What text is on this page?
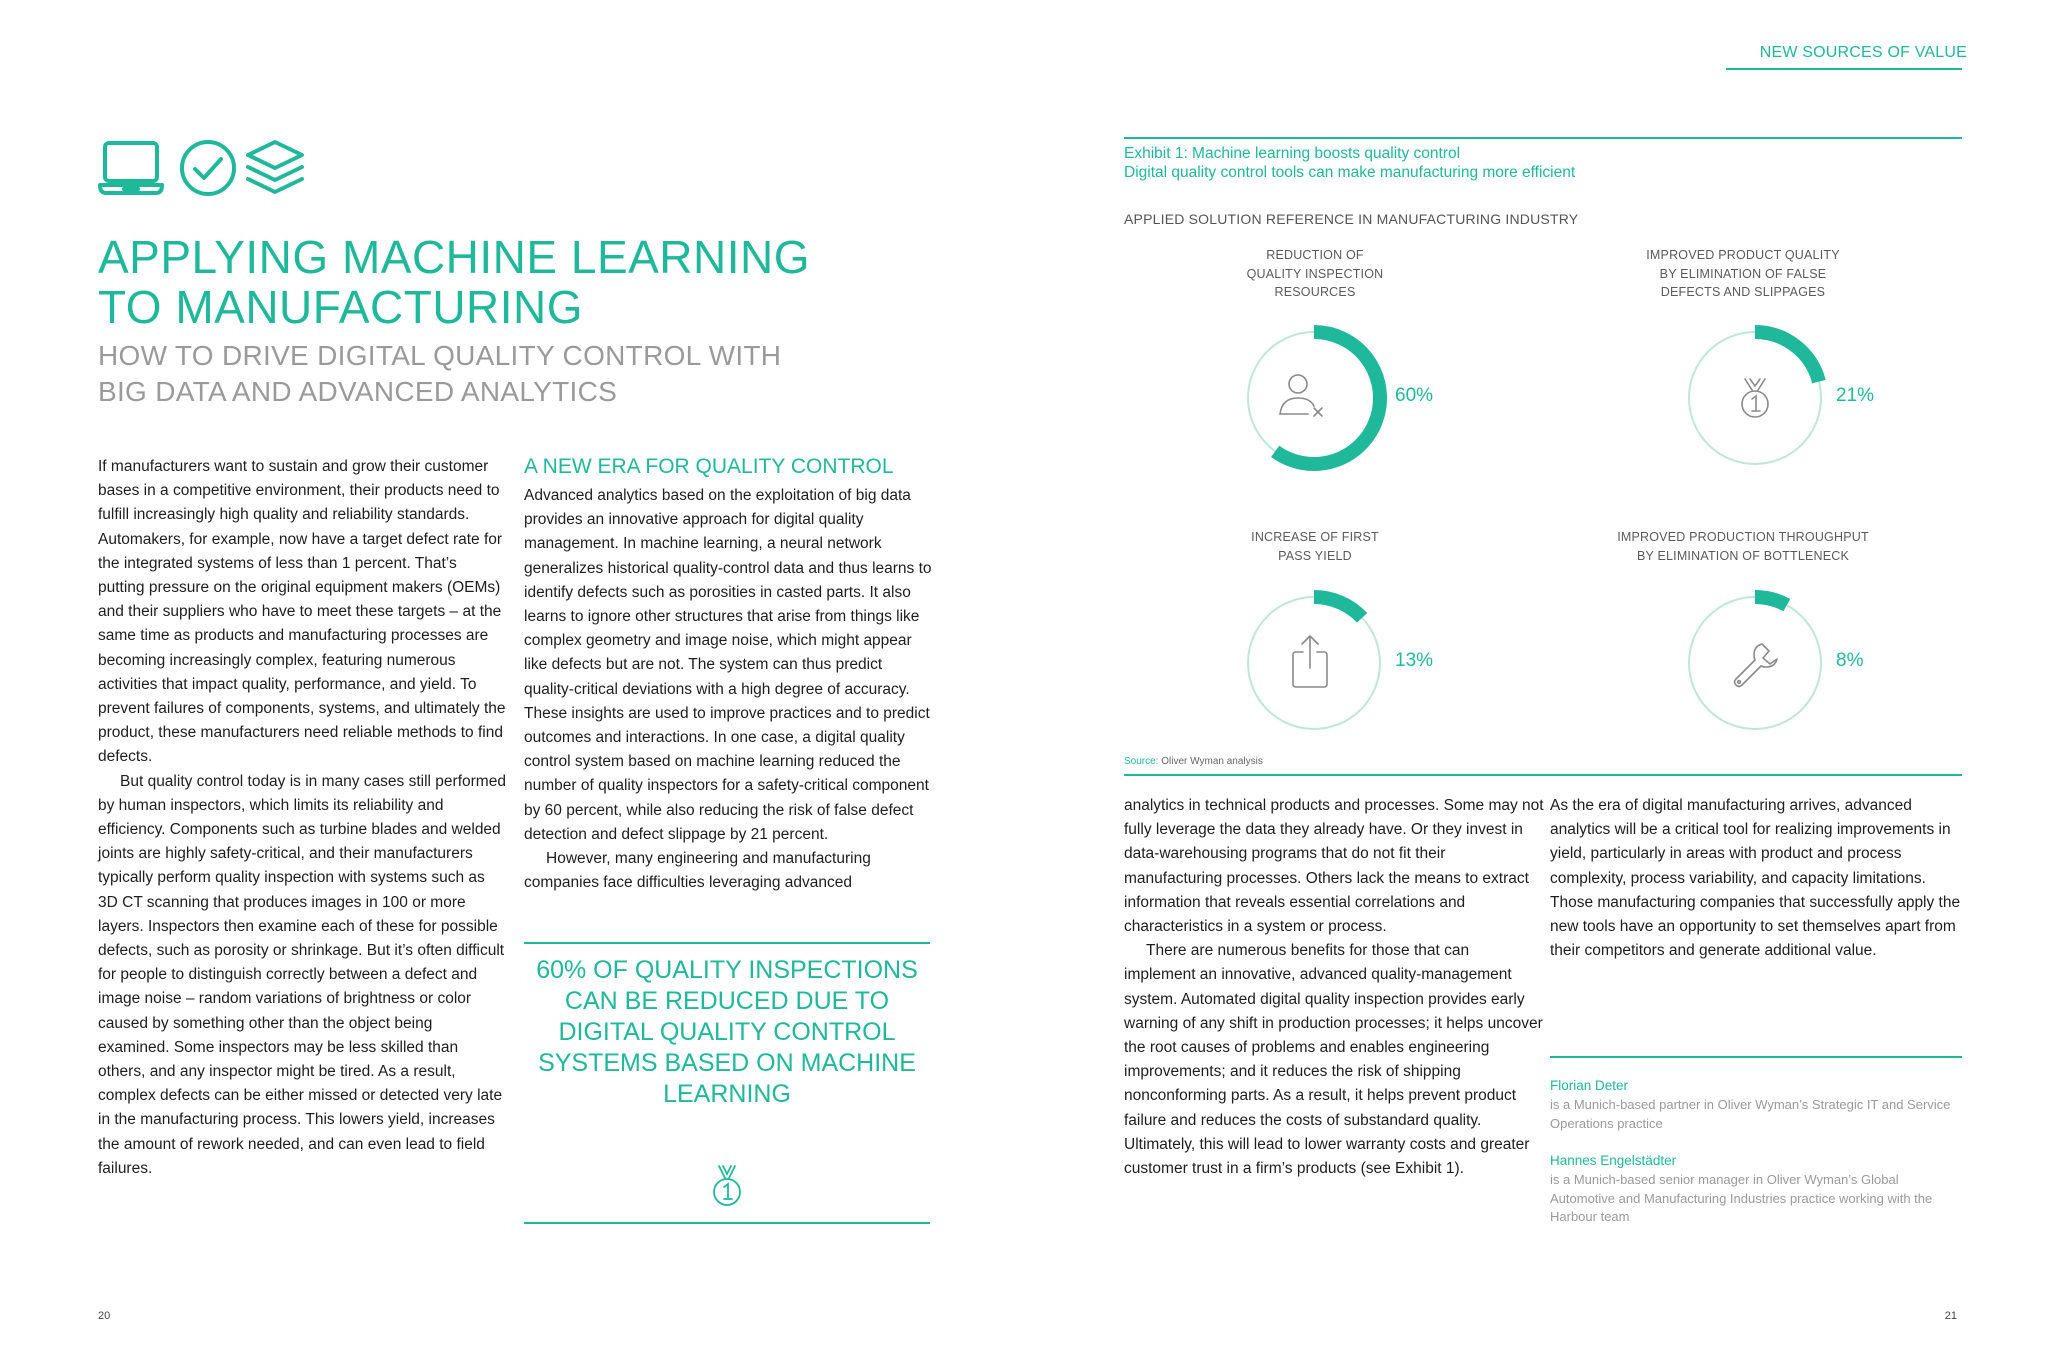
NEW SOURCES OF VALUE
APPLYING MACHINE LEARNING
TO MANUFACTURING
HOW TO DRIVE DIGITAL QUALITY CONTROL WITH
BIG DATA AND ADVANCED ANALYTICS

If manufacturers want to sustain and grow their customer bases in a competitive environment, their products need to fulfill increasingly high quality and reliability standards. Automakers, for example, now have a target defect rate for the integrated systems of less than 1 percent. That’s putting pressure on the original equipment makers (OEMs) and their suppliers who have to meet these targets – at the same time as products and manufacturing processes are becoming increasingly complex, featuring numerous activities that impact quality, performance, and yield. To prevent failures of components, systems, and ultimately the product, these manufacturers need reliable methods to find defects.

But quality control today is in many cases still performed by human inspectors, which limits its reliability and efficiency. Components such as turbine blades and welded joints are highly safety-critical, and their manufacturers typically perform quality inspection with systems such as 3D CT scanning that produces images in 100 or more layers. Inspectors then examine each of these for possible defects, such as porosity or shrinkage. But it’s often difficult for people to distinguish correctly between a defect and image noise – random variations of brightness or color caused by something other than the object being examined. Some inspectors may be less skilled than others, and any inspector might be tired. As a result, complex defects can be either missed or detected very late in the manufacturing process. This lowers yield, increases the amount of rework needed, and can even lead to field failures.

A NEW ERA FOR QUALITY CONTROL

Advanced analytics based on the exploitation of big data provides an innovative approach for digital quality management. In machine learning, a neural network generalizes historical quality-control data and thus learns to identify defects such as porosities in casted parts. It also learns to ignore other structures that arise from things like complex geometry and image noise, which might appear like defects but are not. The system can thus predict quality-critical deviations with a high degree of accuracy. These insights are used to improve practices and to predict outcomes and interactions. In one case, a digital quality control system based on machine learning reduced the number of quality inspectors for a safety-critical component by 60 percent, while also reducing the risk of false defect detection and defect slippage by 21 percent.

However, many engineering and manufacturing companies face difficulties leveraging advanced

60% OF QUALITY INSPECTIONS CAN BE REDUCED DUE TO DIGITAL QUALITY CONTROL SYSTEMS BASED ON MACHINE LEARNING
Exhibit 1: Machine learning boosts quality control
Digital quality control tools can make manufacturing more efficient
APPLIED SOLUTION REFERENCE IN MANUFACTURING INDUSTRY
REDUCTION OF
QUALITY INSPECTION
RESOURCES
60%
IMPROVED PRODUCT QUALITY
BY ELIMINATION OF FALSE
DEFECTS AND SLIPPAGES
21%
INCREASE OF FIRST
PASS YIELD
13%
IMPROVED PRODUCTION THROUGHPUT
BY ELIMINATION OF BOTTLENECK
8%
Source: Oliver Wyman analysis

analytics in technical products and processes. Some may not fully leverage the data they already have. Or they invest in data-warehousing programs that do not fit their manufacturing processes. Others lack the means to extract information that reveals essential correlations and characteristics in a system or process.

There are numerous benefits for those that can implement an innovative, advanced quality-management system. Automated digital quality inspection provides early warning of any shift in production processes; it helps uncover the root causes of problems and enables engineering improvements; and it reduces the risk of shipping nonconforming parts. As a result, it helps prevent product failure and reduces the costs of substandard quality. Ultimately, this will lead to lower warranty costs and greater customer trust in a firm’s products (see Exhibit 1).

As the era of digital manufacturing arrives, advanced analytics will be a critical tool for realizing improvements in yield, particularly in areas with product and process complexity, process variability, and capacity limitations. Those manufacturing companies that successfully apply the new tools have an opportunity to set themselves apart from their competitors and generate additional value.

Florian Deter
is a Munich-based partner in Oliver Wyman’s Strategic IT and Service Operations practice
Hannes Engelstädter
is a Munich-based senior manager in Oliver Wyman’s Global Automotive and Manufacturing Industries practice working with the Harbour team
20	21
